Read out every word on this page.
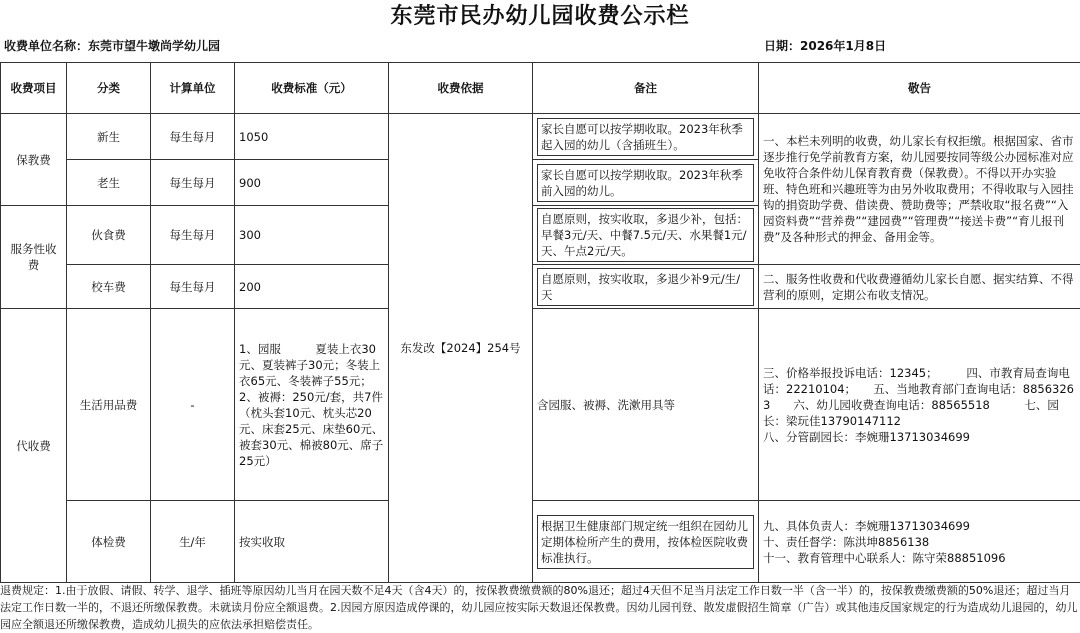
东莞市民办幼儿园收费公示栏
收费单位名称：东莞市望牛墩尚学幼儿园	日期：2026年1月8日
收费项目	分类	计算单位	收费标准（元）	收费依据	备注	敬告
保教费	新生	每生每月	1050	东发改【2024】254号	家长自愿可以按学期收取。2023年秋季起入园的幼儿（含插班生）。	一、本栏未列明的收费，幼儿家长有权拒缴。根据国家、省市逐步推行免学前教育方案，幼儿园要按同等级公办园标准对应免收符合条件幼儿保育教育费（保教费）。不得以开办实验班、特色班和兴趣班等为由另外收取费用；不得收取与入园挂钩的捐资助学费、借读费、赞助费等；严禁收取“报名费”“入园资料费”“营养费”“建园费”“管理费”“接送卡费”“育儿报刊费”及各种形式的押金、备用金等。
	老生	每生每月	900		家长自愿可以按学期收取。2023年秋季前入园的幼儿。	

服务性收费	伙食费	每生每月	300		自愿原则，按实收取，多退少补，包括：早餐3元/天、中餐7.5元/天、水果餐1元/天、午点2元/天。	

	校车费	每生每月	200		自愿原则，按实收取，多退少补9元/生/天	二、服务性收费和代收费遵循幼儿家长自愿、据实结算、不得营利的原则，定期公布收支情况。
代收费	生活用品费	-	1、园服　　　夏装上衣30元、夏装裤子30元；冬装上衣65元、冬装裤子55元；　2、被褥：250元/套，共7件（枕头套10元、枕头芯20元、床套25元、床垫60元、被套30元、棉被80元、席子25元）		含园服、被褥、洗漱用具等	三、价格举报投诉电话：12345；　　　四、市教育局查询电话：22210104；　　五、当地教育部门查询电话：88563263　　六、幼儿园收费查询电话：88565518　　　七、园长：梁玩佳13790147112
八、分管副园长：李婉珊13713034699

	体检费	生/年	按实收取		根据卫生健康部门规定统一组织在园幼儿定期体检所产生的费用，按体检医院收费标准执行。	九、具体负责人：李婉珊13713034699
十、责任督学：陈洪坤8856138
十一、教育管理中心联系人：陈守荣88851096
退费规定：1.由于放假、请假、转学、退学、插班等原因幼儿当月在园天数不足4天（含4天）的，按保教费缴费额的80%退还；超过4天但不足当月法定工作日数一半（含一半）的，按保教费缴费额的50%退还；超过当月法定工作日数一半的，不退还所缴保教费。未就读月份应全额退费。2.因园方原因造成停课的，幼儿园应按实际天数退还保教费。因幼儿园刊登、散发虚假招生简章（广告）或其他违反国家规定的行为造成幼儿退园的，幼儿园应全额退还所缴保教费，造成幼儿损失的应依法承担赔偿责任。
